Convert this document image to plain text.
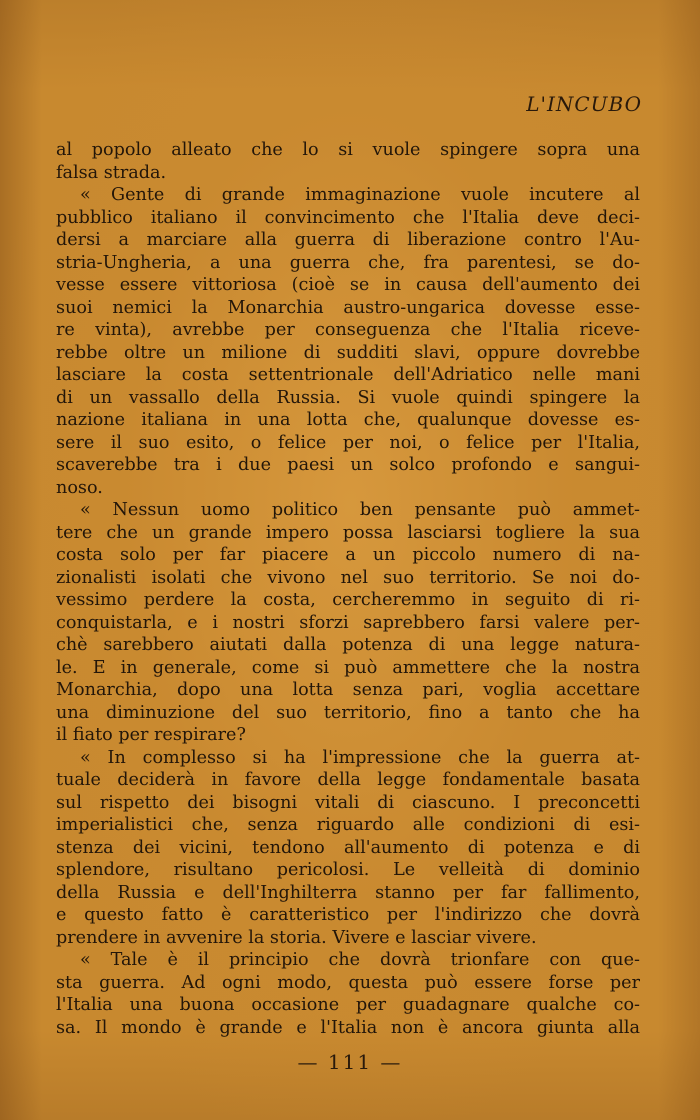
L'INCUBO

al popolo alleato che lo si vuole spingere sopra una
falsa strada.
« Gente di grande immaginazione vuole incutere al
pubblico italiano il convincimento che l'Italia deve deci-
dersi a marciare alla guerra di liberazione contro l'Au-
stria-Ungheria, a una guerra che, fra parentesi, se do-
vesse essere vittoriosa (cioè se in causa dell'aumento dei
suoi nemici la Monarchia austro-ungarica dovesse esse-
re vinta), avrebbe per conseguenza che l'Italia riceve-
rebbe oltre un milione di sudditi slavi, oppure dovrebbe
lasciare la costa settentrionale dell'Adriatico nelle mani
di un vassallo della Russia. Si vuole quindi spingere la
nazione italiana in una lotta che, qualunque dovesse es-
sere il suo esito, o felice per noi, o felice per l'Italia,
scaverebbe tra i due paesi un solco profondo e sangui-
noso.
« Nessun uomo politico ben pensante può ammet-
tere che un grande impero possa lasciarsi togliere la sua
costa solo per far piacere a un piccolo numero di na-
zionalisti isolati che vivono nel suo territorio. Se noi do-
vessimo perdere la costa, cercheremmo in seguito di ri-
conquistarla, e i nostri sforzi saprebbero farsi valere per-
chè sarebbero aiutati dalla potenza di una legge natura-
le. E in generale, come si può ammettere che la nostra
Monarchia, dopo una lotta senza pari, voglia accettare
una diminuzione del suo territorio, fino a tanto che ha
il fiato per respirare?
« In complesso si ha l'impressione che la guerra at-
tuale deciderà in favore della legge fondamentale basata
sul rispetto dei bisogni vitali di ciascuno. I preconcetti
imperialistici che, senza riguardo alle condizioni di esi-
stenza dei vicini, tendono all'aumento di potenza e di
splendore, risultano pericolosi. Le velleità di dominio
della Russia e dell'Inghilterra stanno per far fallimento,
e questo fatto è caratteristico per l'indirizzo che dovrà
prendere in avvenire la storia. Vivere e lasciar vivere.
« Tale è il principio che dovrà trionfare con que-
sta guerra. Ad ogni modo, questa può essere forse per
l'Italia una buona occasione per guadagnare qualche co-
sa. Il mondo è grande e l'Italia non è ancora giunta alla

— 111 —
